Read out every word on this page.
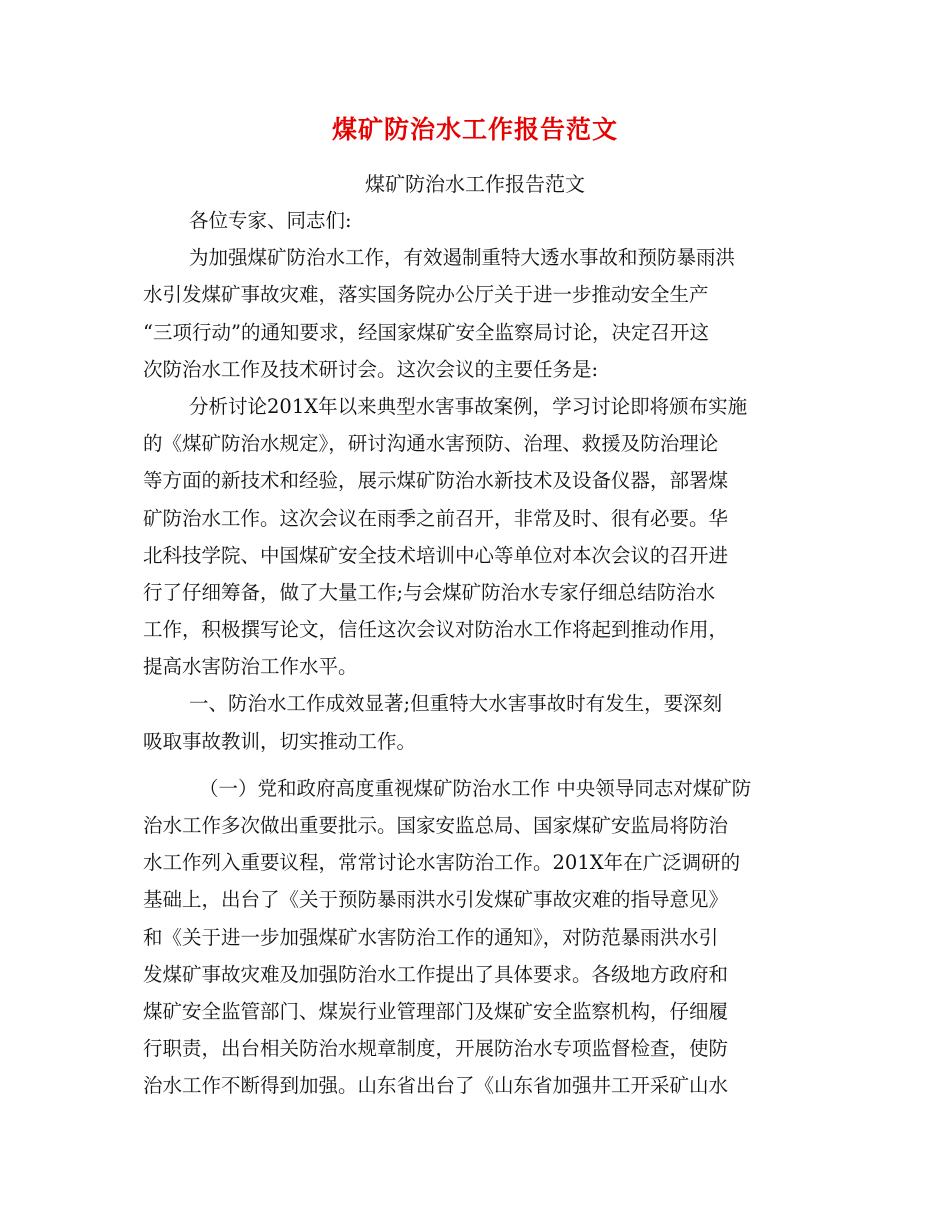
煤矿防治水工作报告范文
煤矿防治水工作报告范文
各位专家、同志们:
为加强煤矿防治水工作，有效遏制重特大透水事故和预防暴雨洪
水引发煤矿事故灾难，落实国务院办公厅关于进一步推动安全生产
“三项行动”的通知要求，经国家煤矿安全监察局讨论，决定召开这
次防治水工作及技术研讨会。这次会议的主要任务是:
分析讨论201X年以来典型水害事故案例，学习讨论即将颁布实施
的《煤矿防治水规定》，研讨沟通水害预防、治理、救援及防治理论
等方面的新技术和经验，展示煤矿防治水新技术及设备仪器，部署煤
矿防治水工作。这次会议在雨季之前召开，非常及时、很有必要。华
北科技学院、中国煤矿安全技术培训中心等单位对本次会议的召开进
行了仔细筹备，做了大量工作;与会煤矿防治水专家仔细总结防治水
工作，积极撰写论文，信任这次会议对防治水工作将起到推动作用，
提高水害防治工作水平。
一、防治水工作成效显著;但重特大水害事故时有发生，要深刻
吸取事故教训，切实推动工作。
（一）党和政府高度重视煤矿防治水工作 中央领导同志对煤矿防
治水工作多次做出重要批示。国家安监总局、国家煤矿安监局将防治
水工作列入重要议程，常常讨论水害防治工作。201X年在广泛调研的
基础上，出台了《关于预防暴雨洪水引发煤矿事故灾难的指导意见》
和《关于进一步加强煤矿水害防治工作的通知》，对防范暴雨洪水引
发煤矿事故灾难及加强防治水工作提出了具体要求。各级地方政府和
煤矿安全监管部门、煤炭行业管理部门及煤矿安全监察机构，仔细履
行职责，出台相关防治水规章制度，开展防治水专项监督检查，使防
治水工作不断得到加强。山东省出台了《山东省加强井工开采矿山水
